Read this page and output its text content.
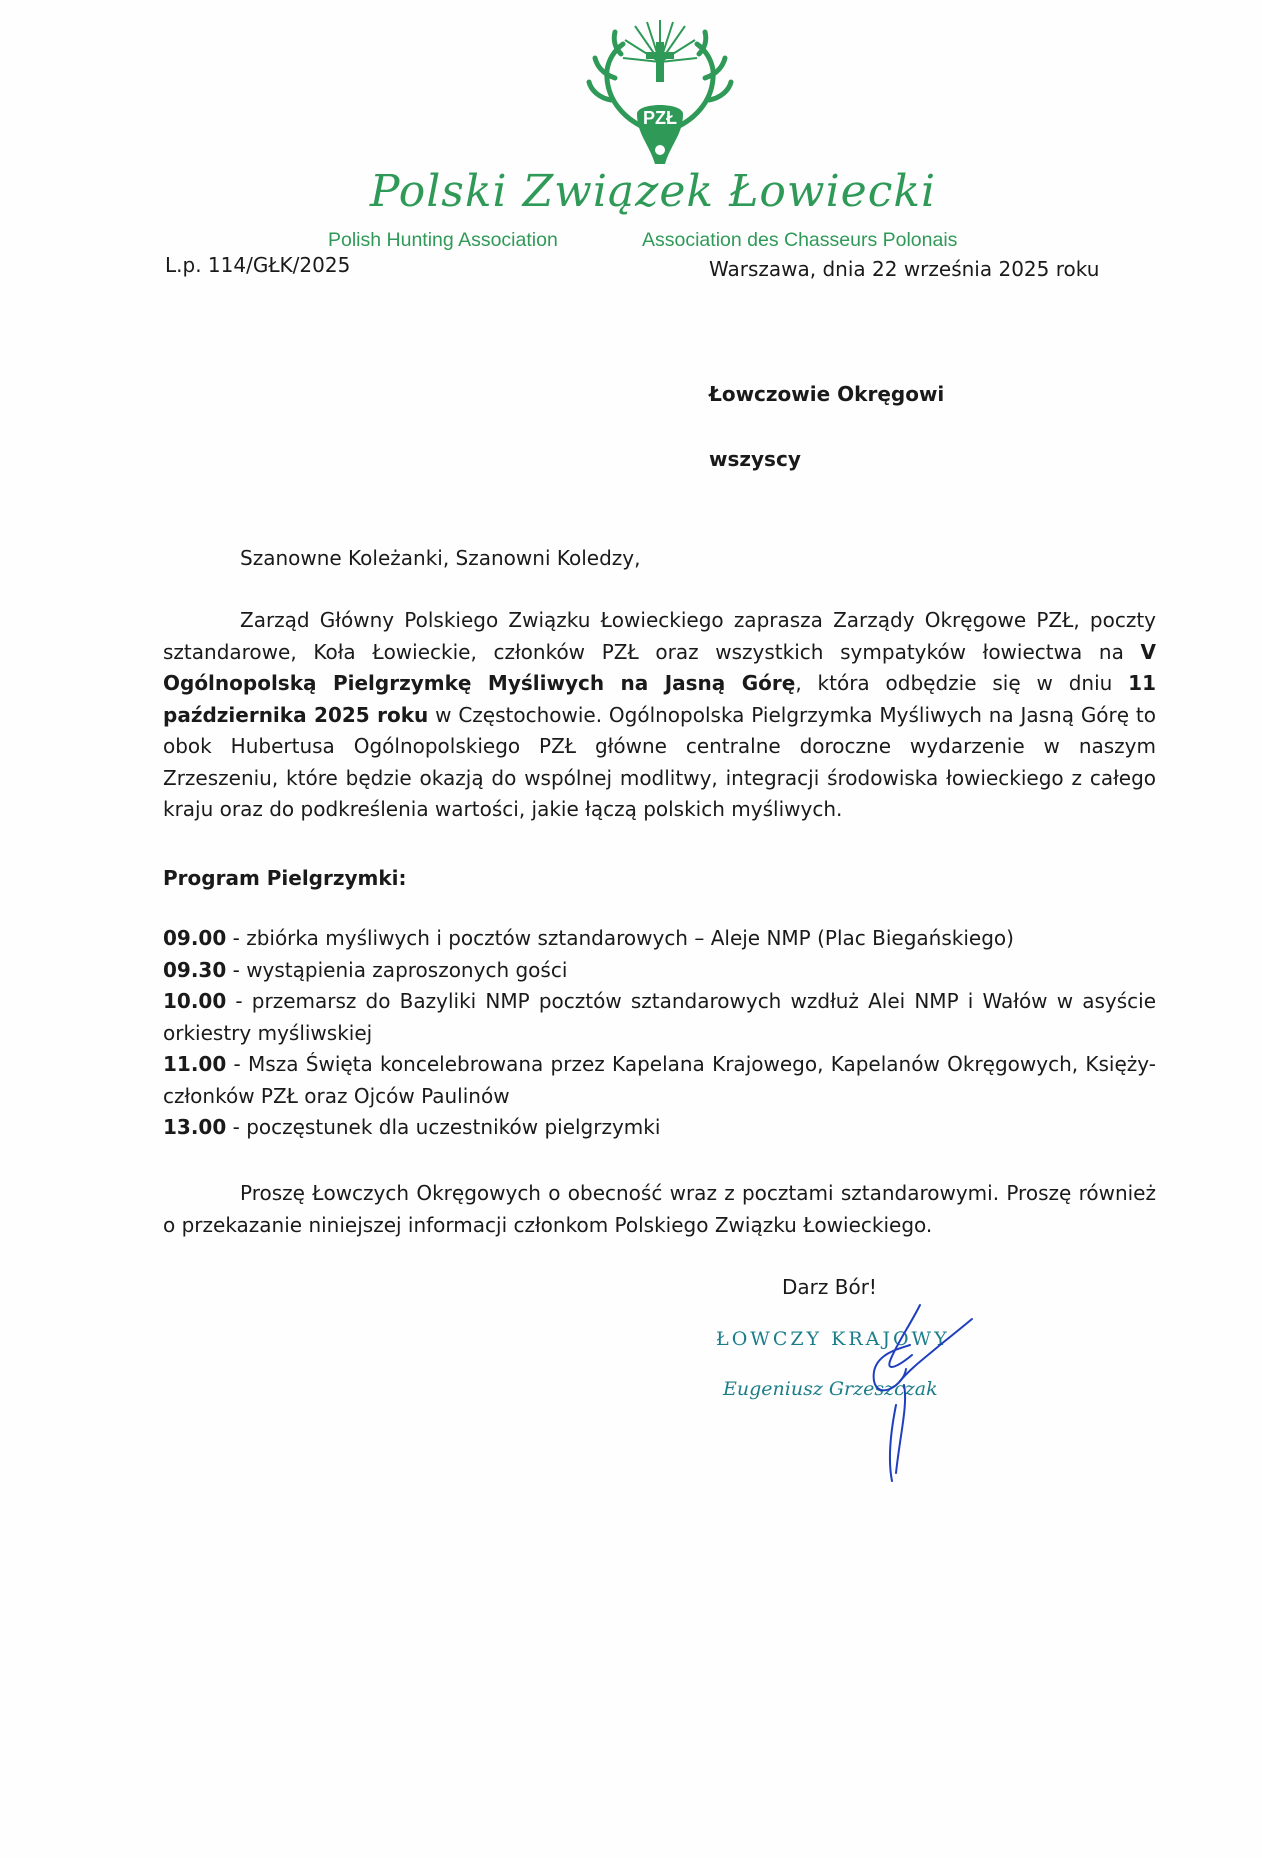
PZŁ
Polski Związek Łowiecki
Polish Hunting Association	Association des Chasseurs Polonais
L.p. 114/GŁK/2025	Warszawa, dnia 22 września 2025 roku
Łowczowie Okręgowi
wszyscy
Szanowne Koleżanki, Szanowni Koledzy,

Zarząd Główny Polskiego Związku Łowieckiego zaprasza Zarządy Okręgowe PZŁ, poczty sztandarowe, Koła Łowieckie, członków PZŁ oraz wszystkich sympatyków łowiectwa na V Ogólnopolską Pielgrzymkę Myśliwych na Jasną Górę, która odbędzie się w dniu 11 października 2025 roku w Częstochowie. Ogólnopolska Pielgrzymka Myśliwych na Jasną Górę to obok Hubertusa Ogólnopolskiego PZŁ główne centralne doroczne wydarzenie w naszym Zrzeszeniu, które będzie okazją do wspólnej modlitwy, integracji środowiska łowieckiego z całego kraju oraz do podkreślenia wartości, jakie łączą polskich myśliwych.

Program Pielgrzymki:
09.00 - zbiórka myśliwych i pocztów sztandarowych – Aleje NMP (Plac Biegańskiego)
09.30 - wystąpienia zaproszonych gości
10.00 - przemarsz do Bazyliki NMP pocztów sztandarowych wzdłuż Alei NMP i Wałów w asyście orkiestry myśliwskiej
11.00 - Msza Święta koncelebrowana przez Kapelana Krajowego, Kapelanów Okręgowych, Księży-członków PZŁ oraz Ojców Paulinów
13.00 - poczęstunek dla uczestników pielgrzymki

Proszę Łowczych Okręgowych o obecność wraz z pocztami sztandarowymi. Proszę również o przekazanie niniejszej informacji członkom Polskiego Związku Łowieckiego.

Darz Bór!
ŁOWCZY KRAJOWY
Eugeniusz Grzeszczak
